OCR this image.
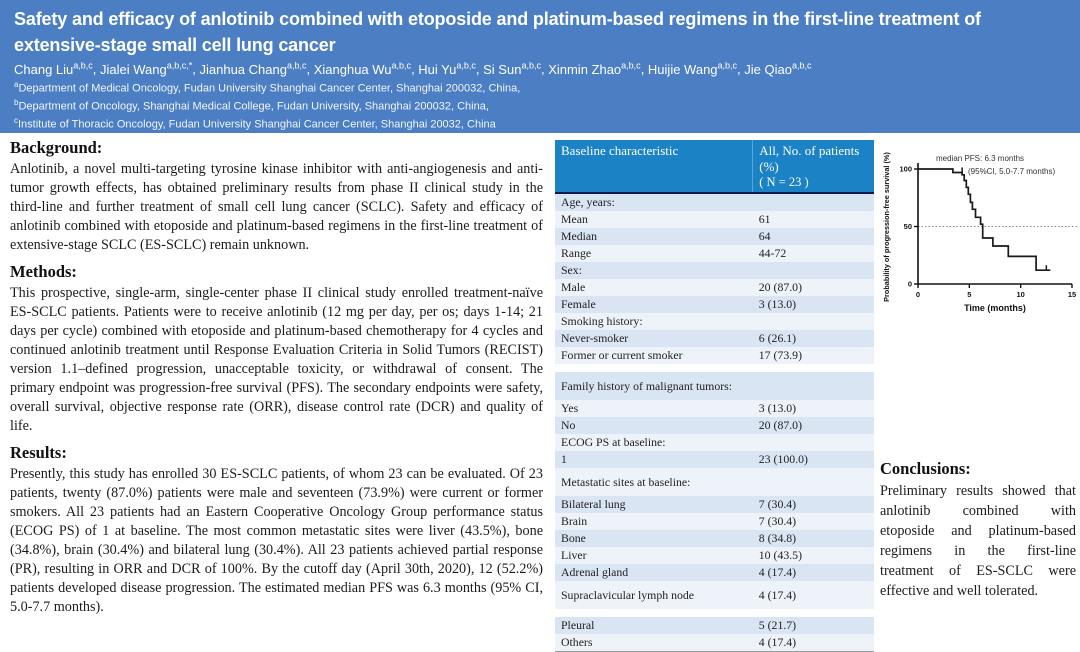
Safety and efficacy of anlotinib combined with etoposide and platinum-based regimens in the first-line treatment of extensive-stage small cell lung cancer
Chang Liu$^{a,b,c}$, Jialei Wang$^{a,b,c,*}$, Jianhua Chang$^{a,b,c}$, Xianghua Wu$^{a,b,c}$, Hui Yu$^{a,b,c}$, Si Sun$^{a,b,c}$, Xinmin Zhao$^{a,b,c}$, Huijie Wang$^{a,b,c}$, Jie Qiao$^{a,b,c}$
$^a$Department of Medical Oncology, Fudan University Shanghai Cancer Center, Shanghai 200032, China,
$^b$Department of Oncology, Shanghai Medical College, Fudan University, Shanghai 200032, China,
$^c$Institute of Thoracic Oncology, Fudan University Shanghai Cancer Center, Shanghai 20032, China
Background:

Anlotinib, a novel multi-targeting tyrosine kinase inhibitor with anti-angiogenesis and anti-tumor growth effects, has obtained preliminary results from phase II clinical study in the third-line and further treatment of small cell lung cancer (SCLC). Safety and efficacy of anlotinib combined with etoposide and platinum-based regimens in the first-line treatment of extensive-stage SCLC (ES-SCLC) remain unknown.

Methods:

This prospective, single-arm, single-center phase II clinical study enrolled treatment-naïve ES-SCLC patients. Patients were to receive anlotinib (12 mg per day, per os; days 1-14; 21 days per cycle) combined with etoposide and platinum-based chemotherapy for 4 cycles and continued anlotinib treatment until Response Evaluation Criteria in Solid Tumors (RECIST) version 1.1–defined progression, unacceptable toxicity, or withdrawal of consent. The primary endpoint was progression-free survival (PFS). The secondary endpoints were safety, overall survival, objective response rate (ORR), disease control rate (DCR) and quality of life.

Results:

Presently, this study has enrolled 30 ES-SCLC patients, of whom 23 can be evaluated. Of 23 patients, twenty (87.0%) patients were male and seventeen (73.9%) were current or former smokers. All 23 patients had an Eastern Cooperative Oncology Group performance status (ECOG PS) of 1 at baseline. The most common metastatic sites were liver (43.5%), bone (34.8%), brain (30.4%) and bilateral lung (30.4%). All 23 patients achieved partial response (PR), resulting in ORR and DCR of 100%. By the cutoff day (April 30th, 2020), 12 (52.2%) patients developed disease progression. The estimated median PFS was 6.3 months (95% CI, 5.0-7.7 months).

Baseline characteristic	All, No. of patients (%)
( N = 23 )

Age, years:	
Mean	61
Median	64
Range	44-72
Sex:	
Male	20 (87.0)
Female	3 (13.0)
Smoking history:	
Never-smoker	6 (26.1)
Former or current smoker	17 (73.9)
Family history of malignant tumors:	
Yes	3 (13.0)
No	20 (87.0)
ECOG PS at baseline:	
1	23 (100.0)
Metastatic sites at baseline:	
Bilateral lung	7 (30.4)
Brain	7 (30.4)
Bone	8 (34.8)
Liver	10 (43.5)
Adrenal gland	4 (17.4)
Supraclavicular lymph node	4 (17.4)
Pleural	5 (21.7)
Others	4 (17.4)
0
50
100
0	5	10	15
Probability of progression-free survival (%)
Time (months)
median PFS: 6.3 months
(95%CI, 5.0-7.7 months)
Conclusions:

Preliminary results showed that anlotinib combined with etoposide and platinum-based regimens in the first-line treatment of ES-SCLC were effective and well tolerated.
